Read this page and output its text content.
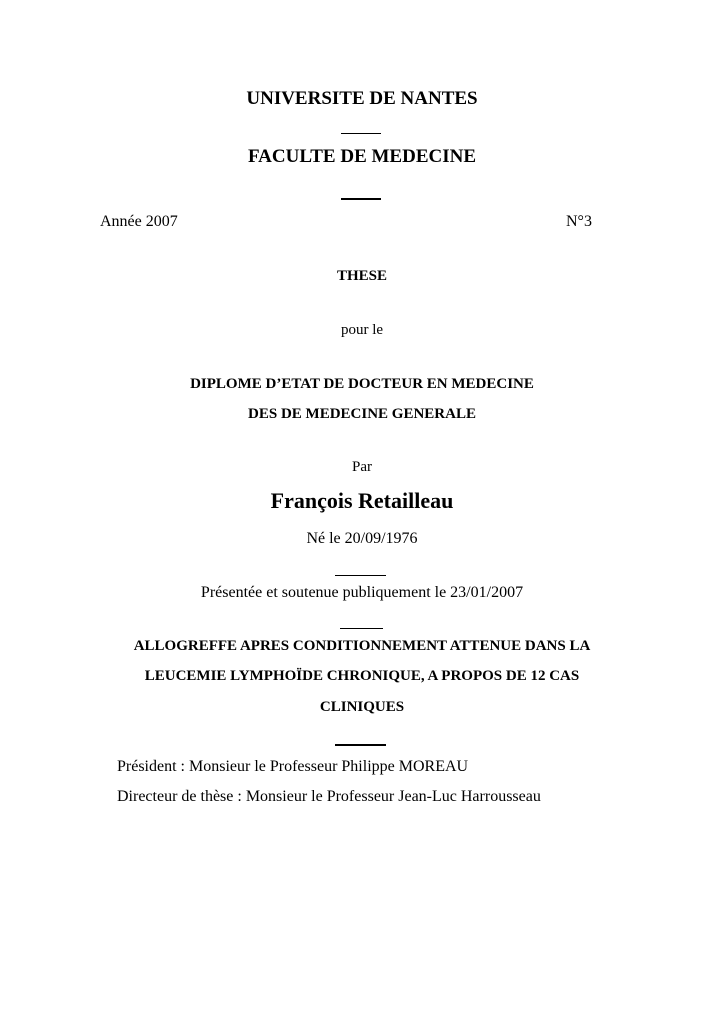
UNIVERSITE DE NANTES
FACULTE DE MEDECINE
Année 2007	N°3
THESE
pour le
DIPLOME D’ETAT DE DOCTEUR EN MEDECINE
DES DE MEDECINE GENERALE
Par
François Retailleau
Né le 20/09/1976
Présentée et soutenue publiquement le 23/01/2007
ALLOGREFFE APRES CONDITIONNEMENT ATTENUE DANS LA
LEUCEMIE LYMPHOÏDE CHRONIQUE, A PROPOS DE 12 CAS
CLINIQUES
Président : Monsieur le Professeur Philippe MOREAU
Directeur de thèse : Monsieur le Professeur Jean-Luc Harrousseau
